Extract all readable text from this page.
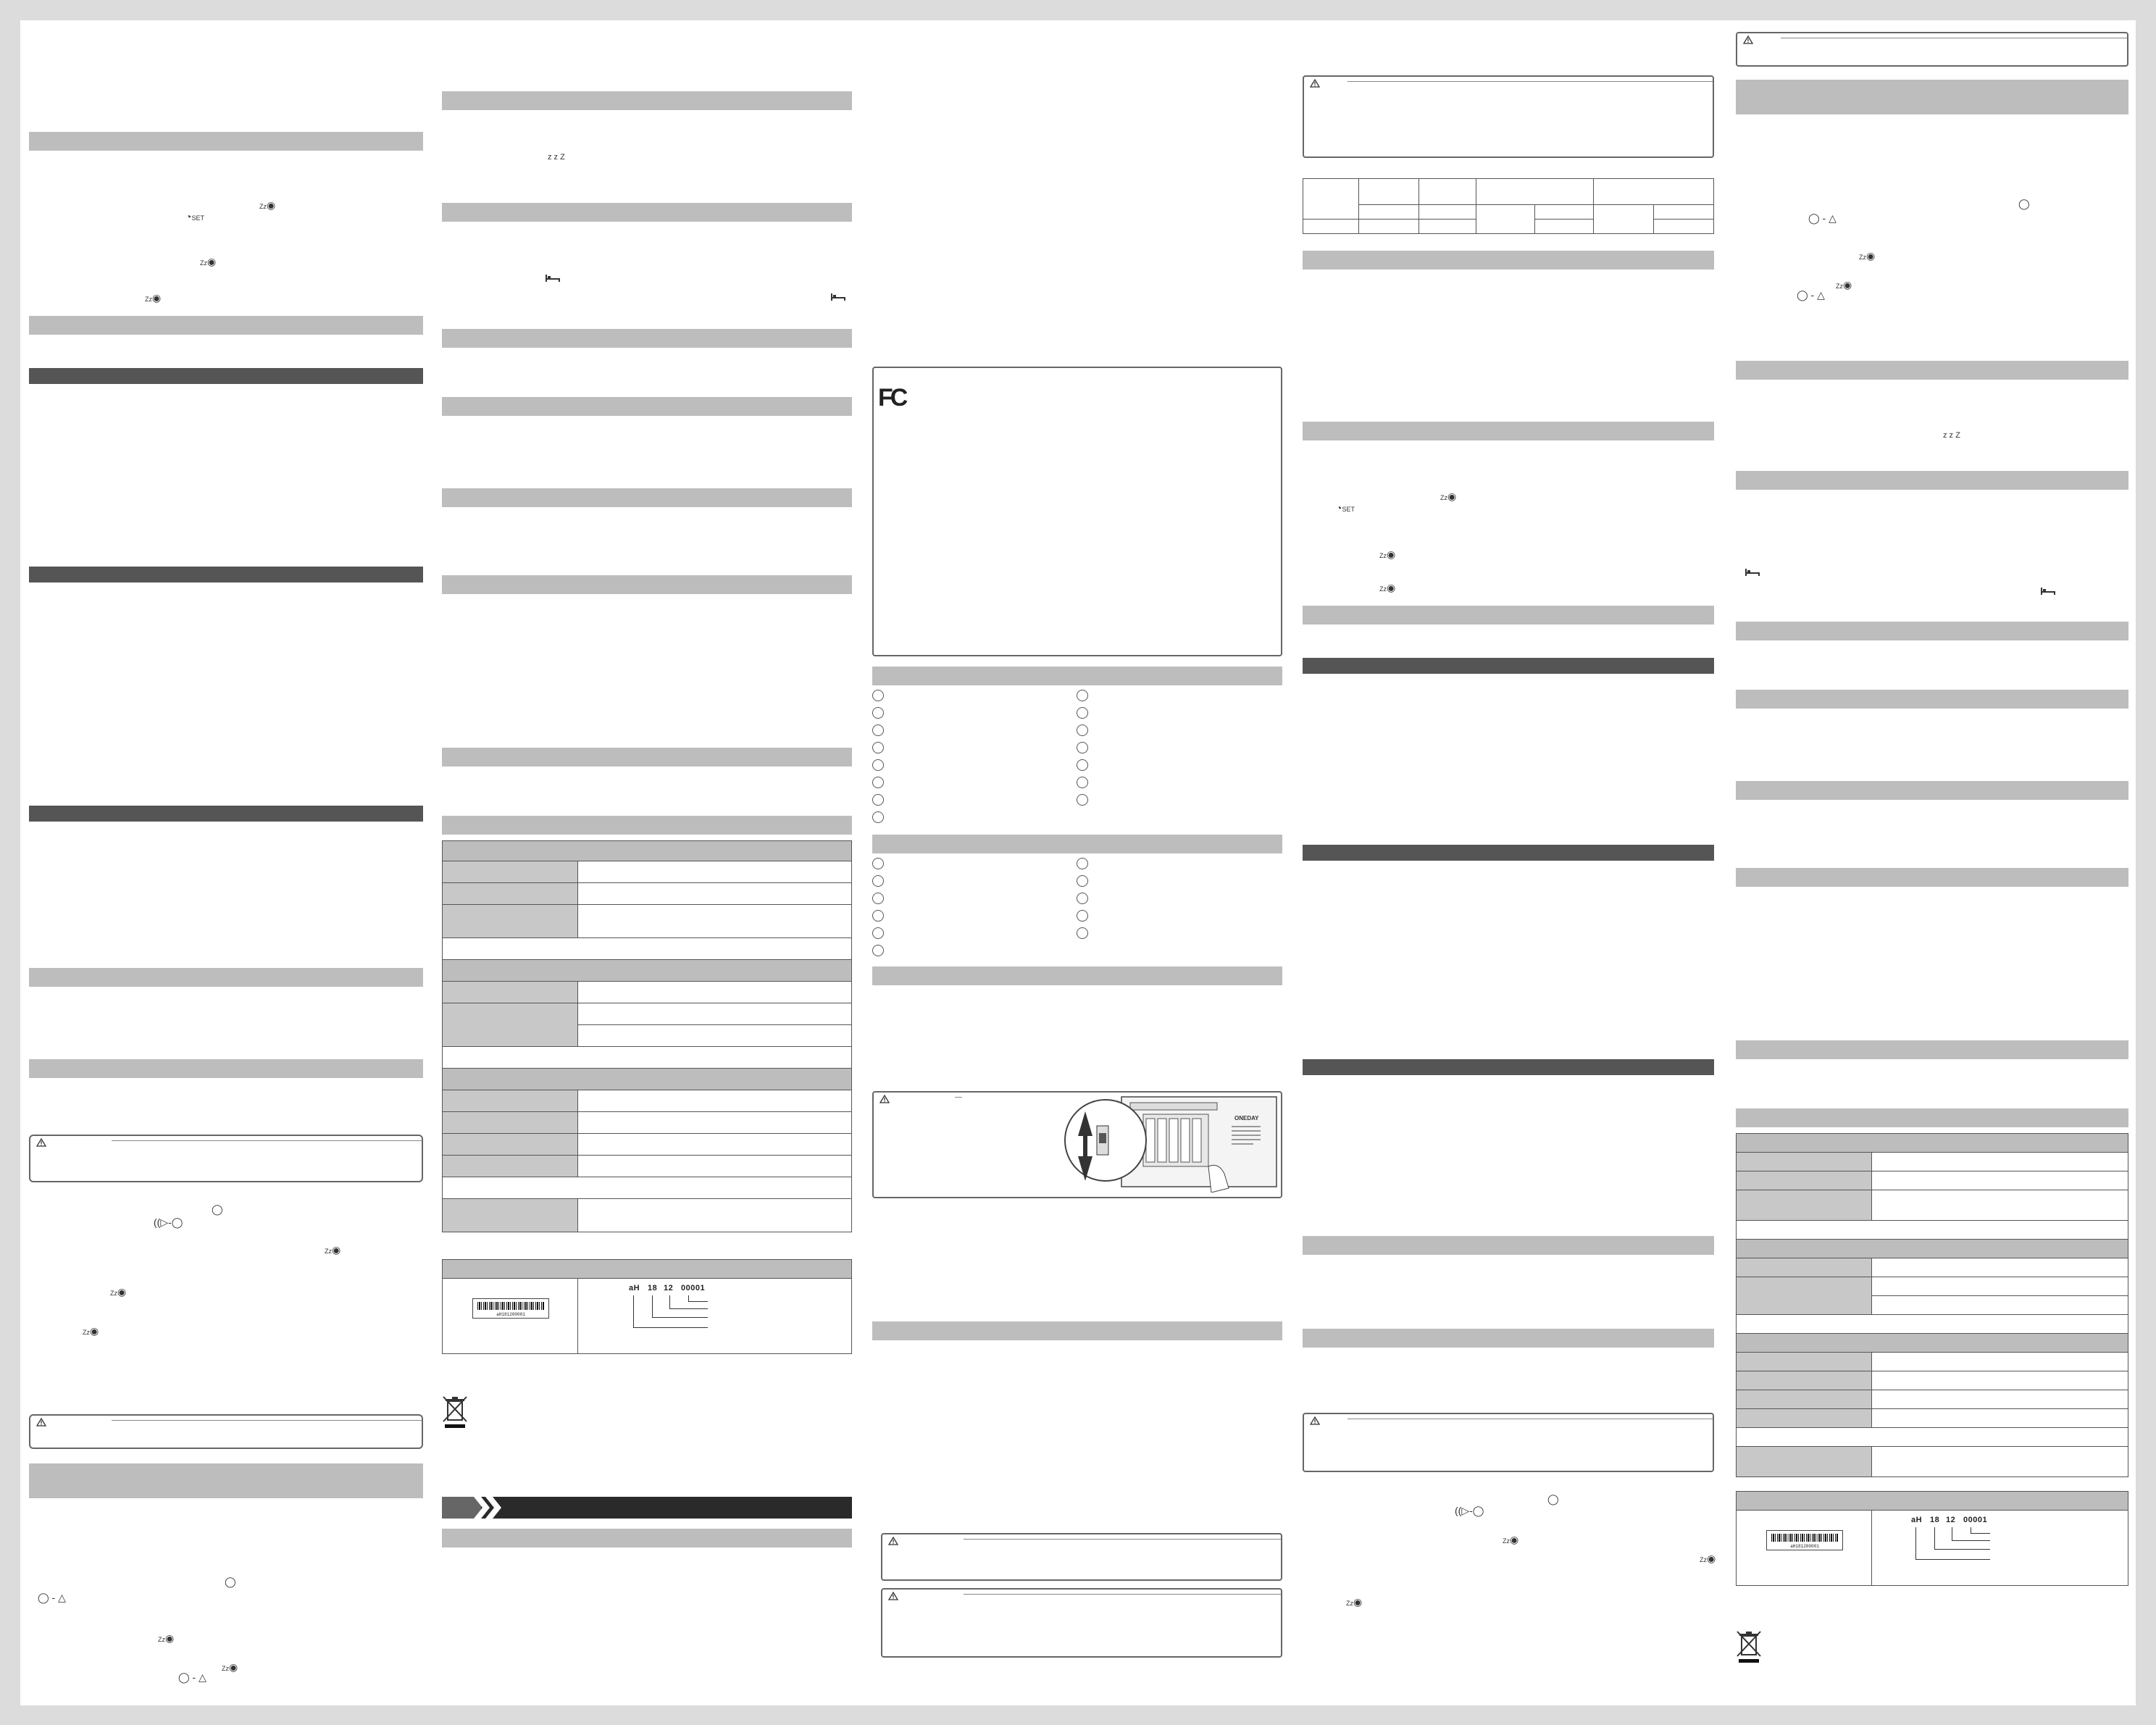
Zz◉
◔SET
Zz◉
Zz◉
◯
((▷-◯
Zz◉
Zz◉
Zz◉
◯
◯ - △
Zz◉
Zz◉
◯ - △
z z Z

aH181200001
aH 18 12 00001
FC
ONEDAY

Zz◉
◔SET
Zz◉
Zz◉
◯
((▷-◯
Zz◉
Zz◉
Zz◉
◯
◯ - △
Zz◉
Zz◉
◯ - △
z z Z

aH181200001
aH 18 12 00001
